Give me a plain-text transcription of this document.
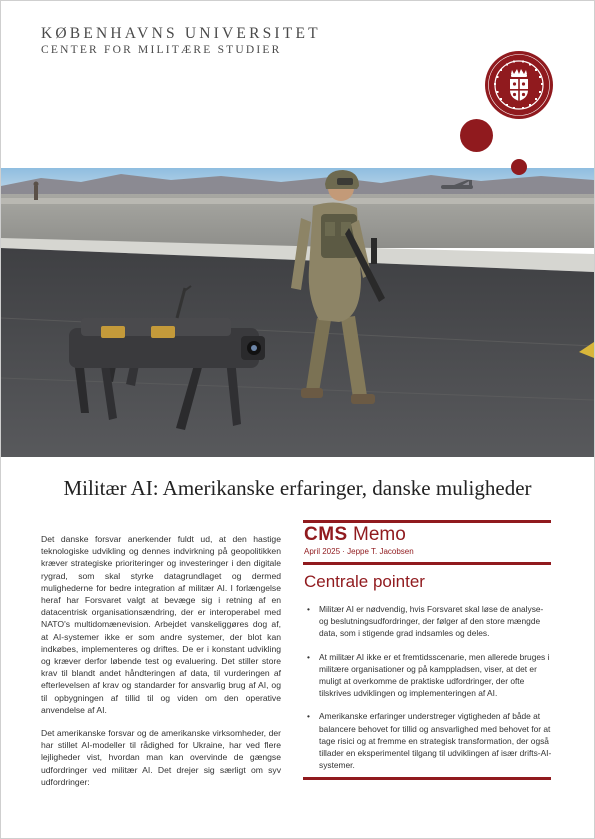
KØBENHAVNS UNIVERSITET
CENTER FOR MILITÆRE STUDIER
Militær AI: Amerikanske erfaringer, danske muligheder

Det danske forsvar anerkender fuldt ud, at den hastige teknologiske udvikling og dennes indvirkning på geopolitikken kræver strategiske prioriteringer og investeringer i den digitale rygrad, som skal styrke datagrundlaget og dermed mulighederne for bedre integration af militær AI. I forlængelse heraf har Forsvaret valgt at bevæge sig i retning af en datacentrisk organisationsændring, der er interoperabel med NATO's multidomænevision. Arbejdet vanskeliggøres dog af, at AI-systemer ikke er som andre systemer, der blot kan indkøbes, implementeres og driftes. De er i konstant udvikling og kræver derfor løbende test og evaluering. Det stiller store krav til blandt andet håndteringen af data, til vurderingen af efterlevelsen af krav og standarder for ansvarlig brug af AI, og til opbygningen af tillid til og viden om den operative anvendelse af AI.

Det amerikanske forsvar og de amerikanske virksomheder, der har stillet AI-modeller til rådighed for Ukraine, har ved flere lejligheder vist, hvordan man kan overvinde de gængse udfordringer ved militær AI. Det drejer sig særligt om syv udfordringer:

CMS Memo
April 2025 · Jeppe T. Jacobsen
Centrale pointer
• Militær AI er nødvendig, hvis Forsvaret skal løse de analyse- og beslutningsudfordringer, der følger af den store mængde data, som i stigende grad indsamles og deles.
• At militær AI ikke er et fremtidsscenarie, men allerede bruges i militære organisationer og på kamppladsen, viser, at det er muligt at overkomme de praktiske udfordringer, der ofte tilskrives udviklingen og implementeringen af AI.
• Amerikanske erfaringer understreger vigtigheden af både at balancere behovet for tillid og ansvarlighed med behovet for at tage risici og at fremme en strategisk transformation, der også tillader en eksperimentel tilgang til udviklingen af især drifts-AI-systemer.
